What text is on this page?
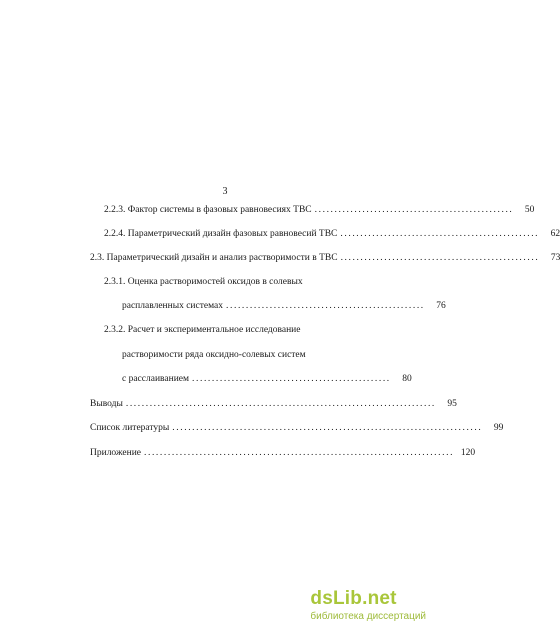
3
2.2.3. Фактор системы в фазовых равновесиях ТВС ..................................................	50
2.2.4. Параметрический дизайн фазовых равновесий ТВС ..................................................	62
2.3. Параметрический дизайн и анализ растворимости в ТВС ..................................................	73
2.3.1. Оценка растворимостей оксидов в солевых
расплавленных системах ..................................................	76
2.3.2. Расчет и экспериментальное исследование
растворимости ряда оксидно-солевых систем
с расслаиванием ..................................................	80
Выводы ..............................................................................	95
Список литературы ..............................................................................	99
Приложение .............................................................................. 120
dsLib.net
библиотека диссертаций
